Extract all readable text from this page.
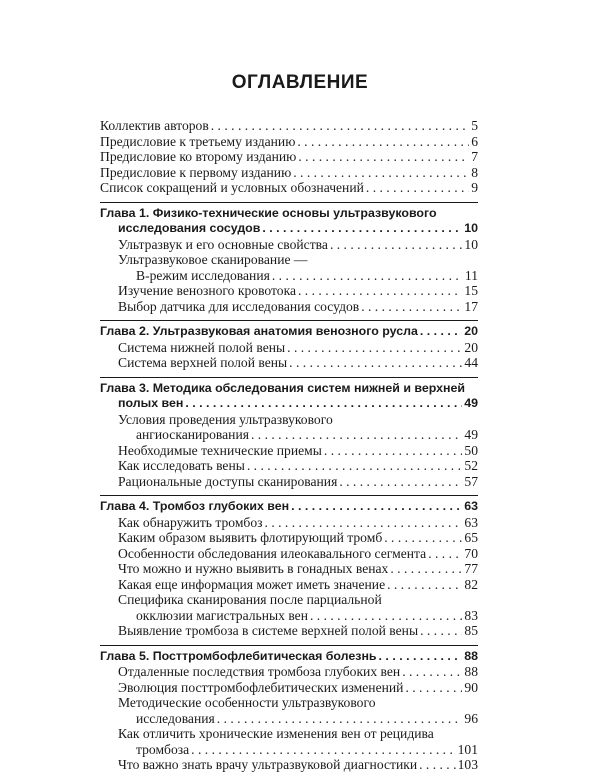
ОГЛАВЛЕНИЕ
Коллектив авторов . . .	5
Предисловие к третьему изданию . . .	6
Предисловие ко второму изданию . . .	7
Предисловие к первому изданию . . .	8
Список сокращений и условных обозначений . . .	9
Глава 1. Физико-технические основы ультразвукового
исследования сосудов . . .	10
Ультразвук и его основные свойства . . .	10
Ультразвуковое сканирование —
В-режим исследования . . .	11
Изучение венозного кровотока . . .	15
Выбор датчика для исследования сосудов . . .	17
Глава 2. Ультразвуковая анатомия венозного русла . . .	20
Система нижней полой вены . . .	20
Система верхней полой вены . . .	44
Глава 3. Методика обследования систем нижней и верхней
полых вен . . .	49
Условия проведения ультразвукового
ангиосканирования . . .	49
Необходимые технические приемы . . .	50
Как исследовать вены . . .	52
Рациональные доступы сканирования . . .	57
Глава 4. Тромбоз глубоких вен . . .	63
Как обнаружить тромбоз . . .	63
Каким образом выявить флотирующий тромб . . .	65
Особенности обследования илеокавального сегмента . . .	70
Что можно и нужно выявить в гонадных венах . . .	77
Какая еще информация может иметь значение . . .	82
Специфика сканирования после парциальной
окклюзии магистральных вен . . .	83
Выявление тромбоза в системе верхней полой вены . . .	85
Глава 5. Посттромбофлебитическая болезнь . . .	88
Отдаленные последствия тромбоза глубоких вен . . .	88
Эволюция посттромбофлебитических изменений . . .	90
Методические особенности ультразвукового
исследования . . .	96
Как отличить хронические изменения вен от рецидива
тромбоза . . .	101
Что важно знать врачу ультразвуковой диагностики . . .	103
